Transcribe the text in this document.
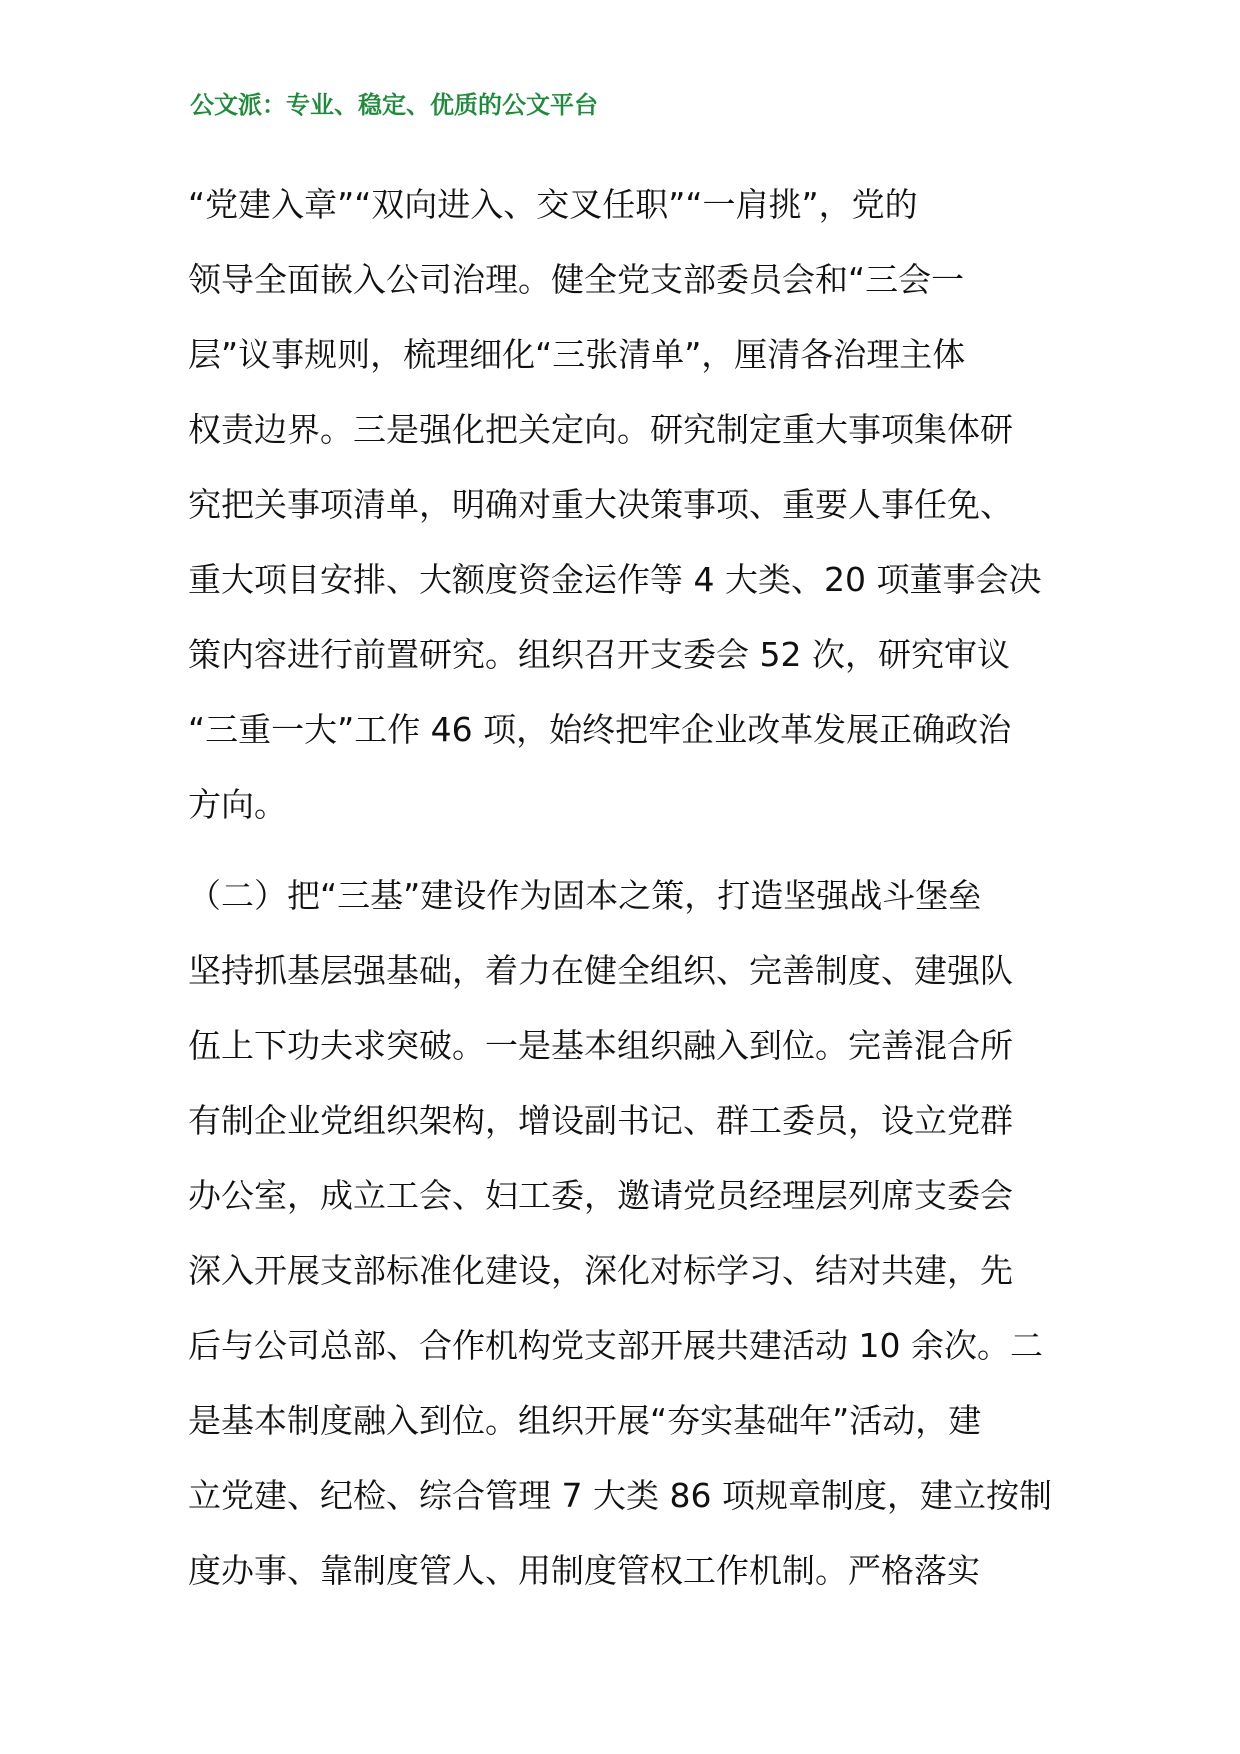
公文派：专业、稳定、优质的公文平台
“党建入章”“双向进入、交叉任职”“一肩挑”，党的
领导全面嵌入公司治理。健全党支部委员会和“三会一
层”议事规则，梳理细化“三张清单”，厘清各治理主体
权责边界。三是强化把关定向。研究制定重大事项集体研
究把关事项清单，明确对重大决策事项、重要人事任免、
重大项目安排、大额度资金运作等 4 大类、20 项董事会决
策内容进行前置研究。组织召开支委会 52 次，研究审议
“三重一大”工作 46 项，始终把牢企业改革发展正确政治
方向。
（二）把“三基”建设作为固本之策，打造坚强战斗堡垒
坚持抓基层强基础，着力在健全组织、完善制度、建强队
伍上下功夫求突破。一是基本组织融入到位。完善混合所
有制企业党组织架构，增设副书记、群工委员，设立党群
办公室，成立工会、妇工委，邀请党员经理层列席支委会
深入开展支部标准化建设，深化对标学习、结对共建，先
后与公司总部、合作机构党支部开展共建活动 10 余次。二
是基本制度融入到位。组织开展“夯实基础年”活动，建
立党建、纪检、综合管理 7 大类 86 项规章制度，建立按制
度办事、靠制度管人、用制度管权工作机制。严格落实
